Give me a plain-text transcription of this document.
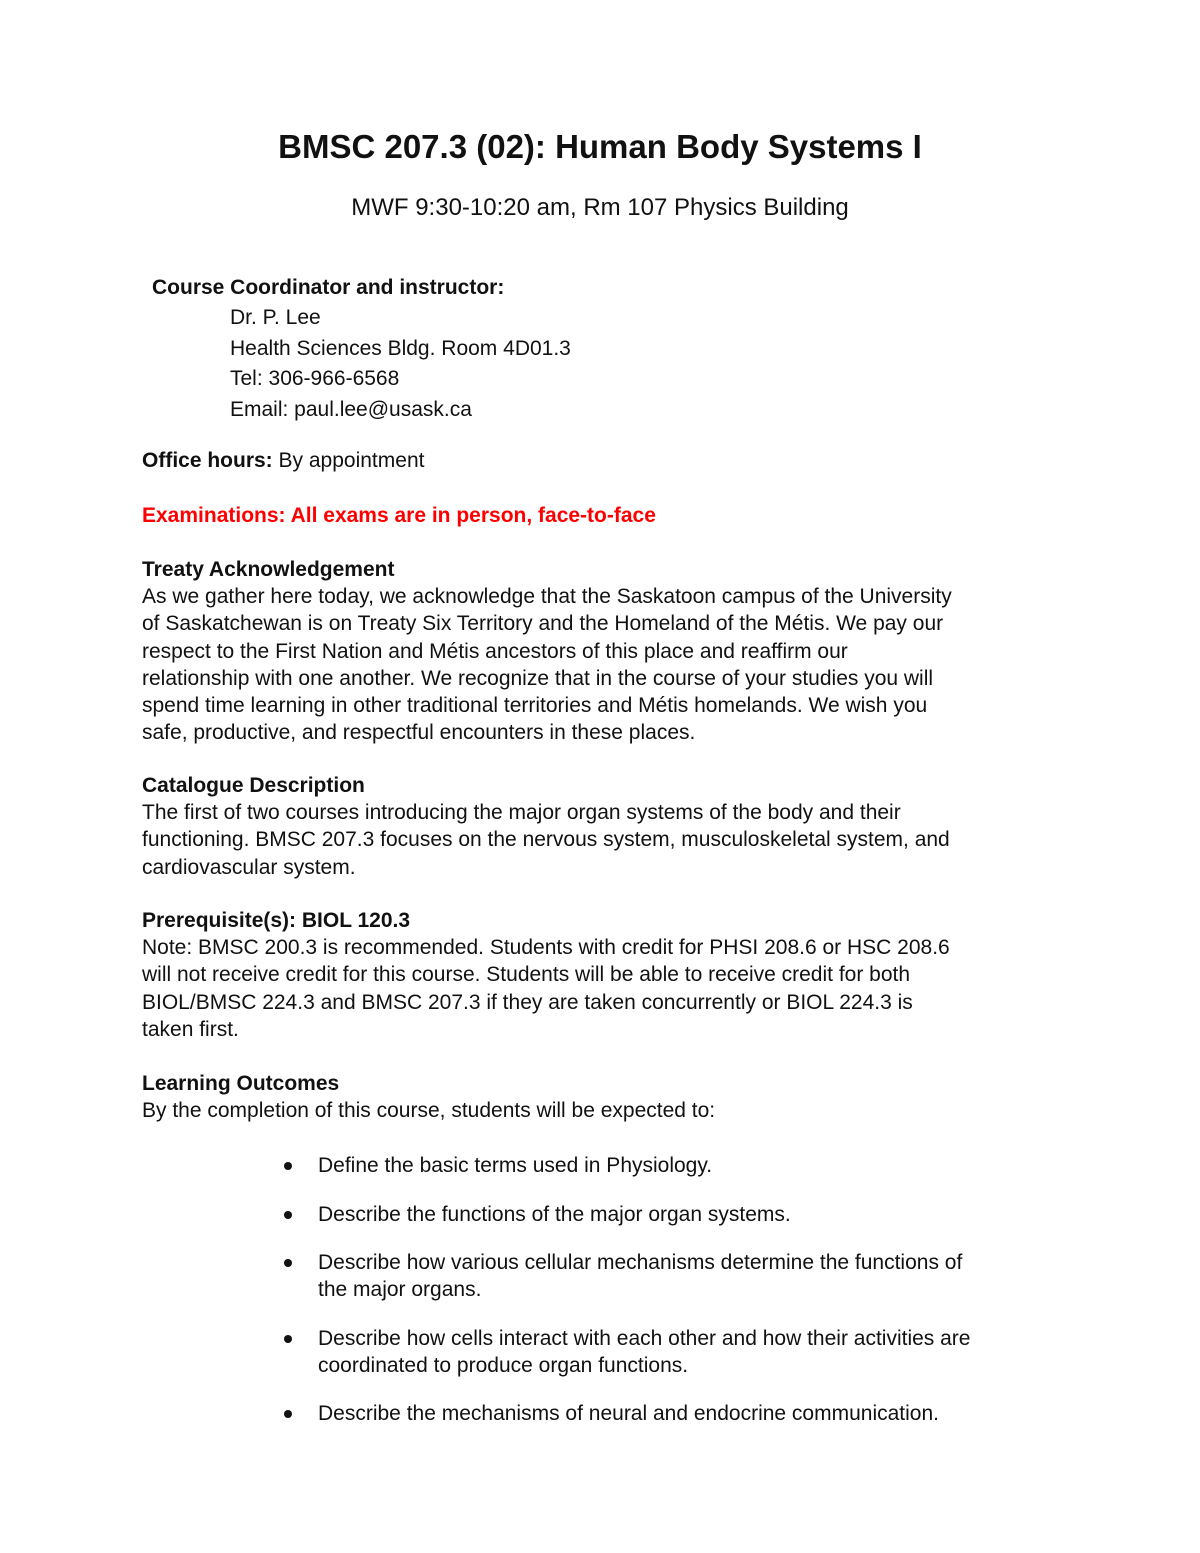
BMSC 207.3 (02): Human Body Systems I
MWF 9:30-10:20 am, Rm 107 Physics Building
Course Coordinator and instructor:
Dr. P. Lee
Health Sciences Bldg. Room 4D01.3
Tel: 306-966-6568
Email: paul.lee@usask.ca
Office hours: By appointment
Examinations: All exams are in person, face-to-face
Treaty Acknowledgement
As we gather here today, we acknowledge that the Saskatoon campus of the University
of Saskatchewan is on Treaty Six Territory and the Homeland of the Métis. We pay our
respect to the First Nation and Métis ancestors of this place and reaffirm our
relationship with one another. We recognize that in the course of your studies you will
spend time learning in other traditional territories and Métis homelands. We wish you
safe, productive, and respectful encounters in these places.
Catalogue Description
The first of two courses introducing the major organ systems of the body and their
functioning. BMSC 207.3 focuses on the nervous system, musculoskeletal system, and
cardiovascular system.
Prerequisite(s): BIOL 120.3
Note: BMSC 200.3 is recommended. Students with credit for PHSI 208.6 or HSC 208.6
will not receive credit for this course. Students will be able to receive credit for both
BIOL/BMSC 224.3 and BMSC 207.3 if they are taken concurrently or BIOL 224.3 is
taken first.
Learning Outcomes
By the completion of this course, students will be expected to:
Define the basic terms used in Physiology.
Describe the functions of the major organ systems.
Describe how various cellular mechanisms determine the functions of
the major organs.
Describe how cells interact with each other and how their activities are
coordinated to produce organ functions.
Describe the mechanisms of neural and endocrine communication.
